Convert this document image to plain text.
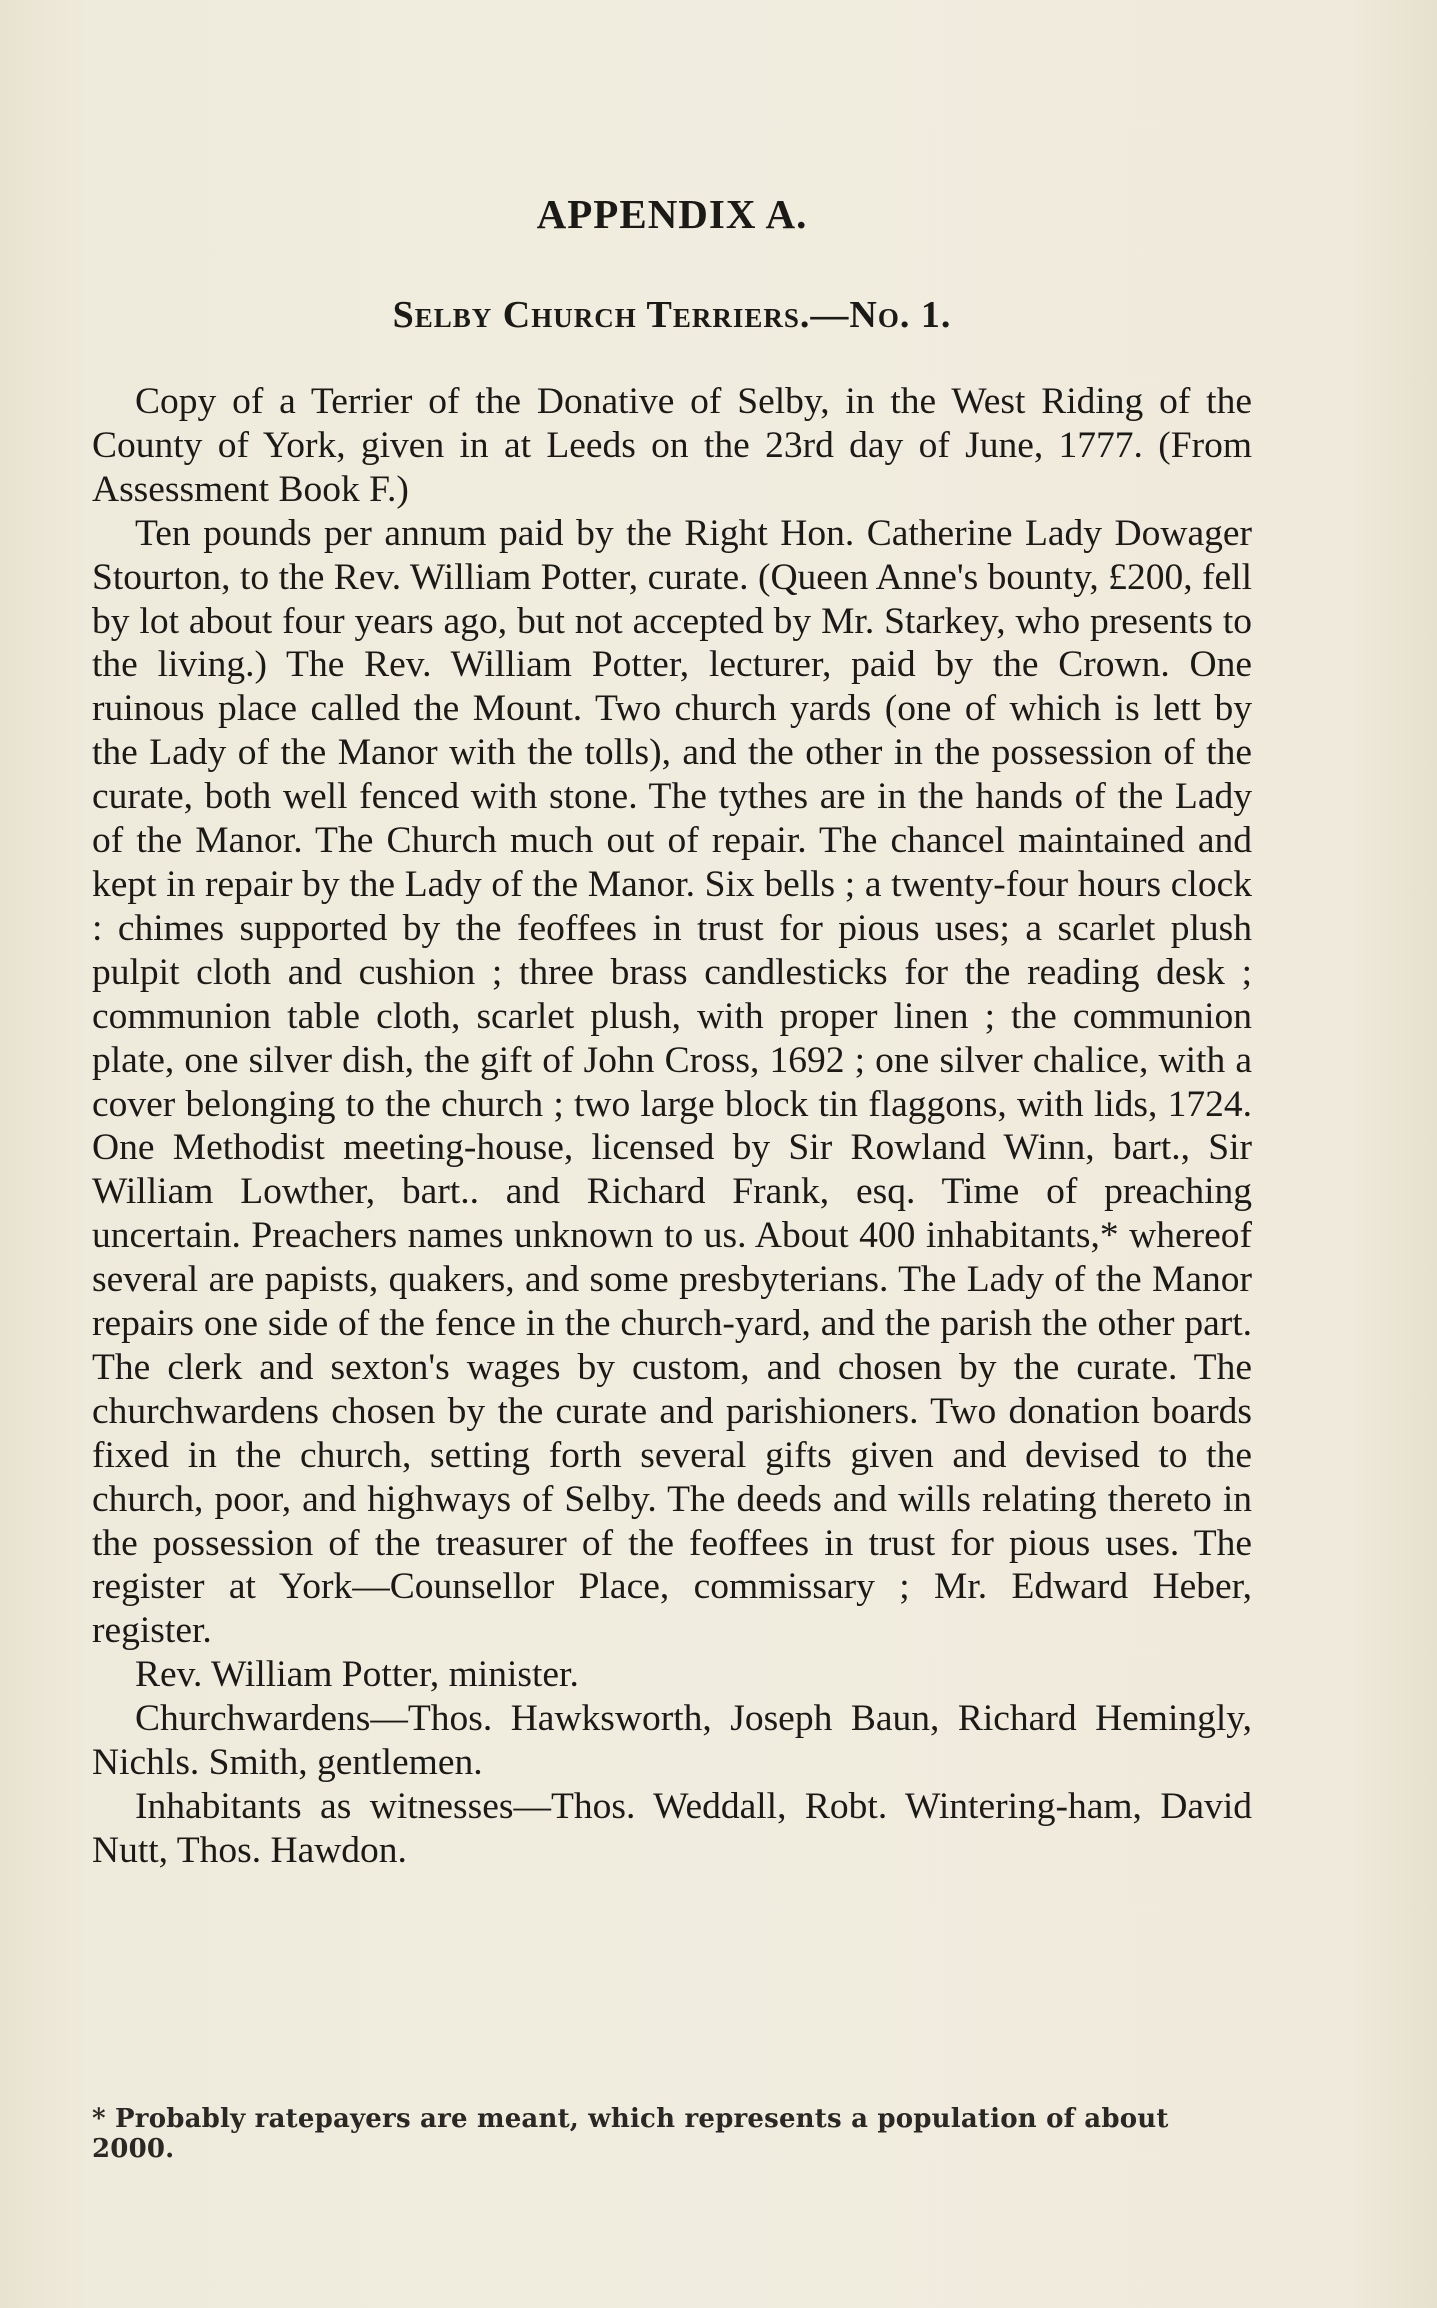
APPENDIX A.
Selby Church Terriers.—No. 1.

Copy of a Terrier of the Donative of Selby, in the West Riding of the County of York, given in at Leeds on the 23rd day of June, 1777. (From Assessment Book F.)

Ten pounds per annum paid by the Right Hon. Catherine Lady Dowager Stourton, to the Rev. William Potter, curate. (Queen Anne's bounty, £200, fell by lot about four years ago, but not accepted by Mr. Starkey, who presents to the living.) The Rev. William Potter, lecturer, paid by the Crown. One ruinous place called the Mount. Two church yards (one of which is lett by the Lady of the Manor with the tolls), and the other in the possession of the curate, both well fenced with stone. The tythes are in the hands of the Lady of the Manor. The Church much out of repair. The chancel maintained and kept in repair by the Lady of the Manor. Six bells ; a twenty-four hours clock : chimes supported by the feoffees in trust for pious uses; a scarlet plush pulpit cloth and cushion ; three brass candlesticks for the reading desk ; communion table cloth, scarlet plush, with proper linen ; the communion plate, one silver dish, the gift of John Cross, 1692 ; one silver chalice, with a cover belonging to the church ; two large block tin flaggons, with lids, 1724. One Methodist meeting-house, licensed by Sir Rowland Winn, bart., Sir William Lowther, bart.. and Richard Frank, esq. Time of preaching uncertain. Preachers names unknown to us. About 400 inhabitants,* whereof several are papists, quakers, and some presbyterians. The Lady of the Manor repairs one side of the fence in the church-yard, and the parish the other part. The clerk and sexton's wages by custom, and chosen by the curate. The churchwardens chosen by the curate and parishioners. Two donation boards fixed in the church, setting forth several gifts given and devised to the church, poor, and highways of Selby. The deeds and wills relating thereto in the possession of the treasurer of the feoffees in trust for pious uses. The register at York—Counsellor Place, commissary ; Mr. Edward Heber, register.

Rev. William Potter, minister.

Churchwardens—Thos. Hawksworth, Joseph Baun, Richard Hemingly, Nichls. Smith, gentlemen.

Inhabitants as witnesses—Thos. Weddall, Robt. Wintering-ham, David Nutt, Thos. Hawdon.

* Probably ratepayers are meant, which represents a population of about 2000.
